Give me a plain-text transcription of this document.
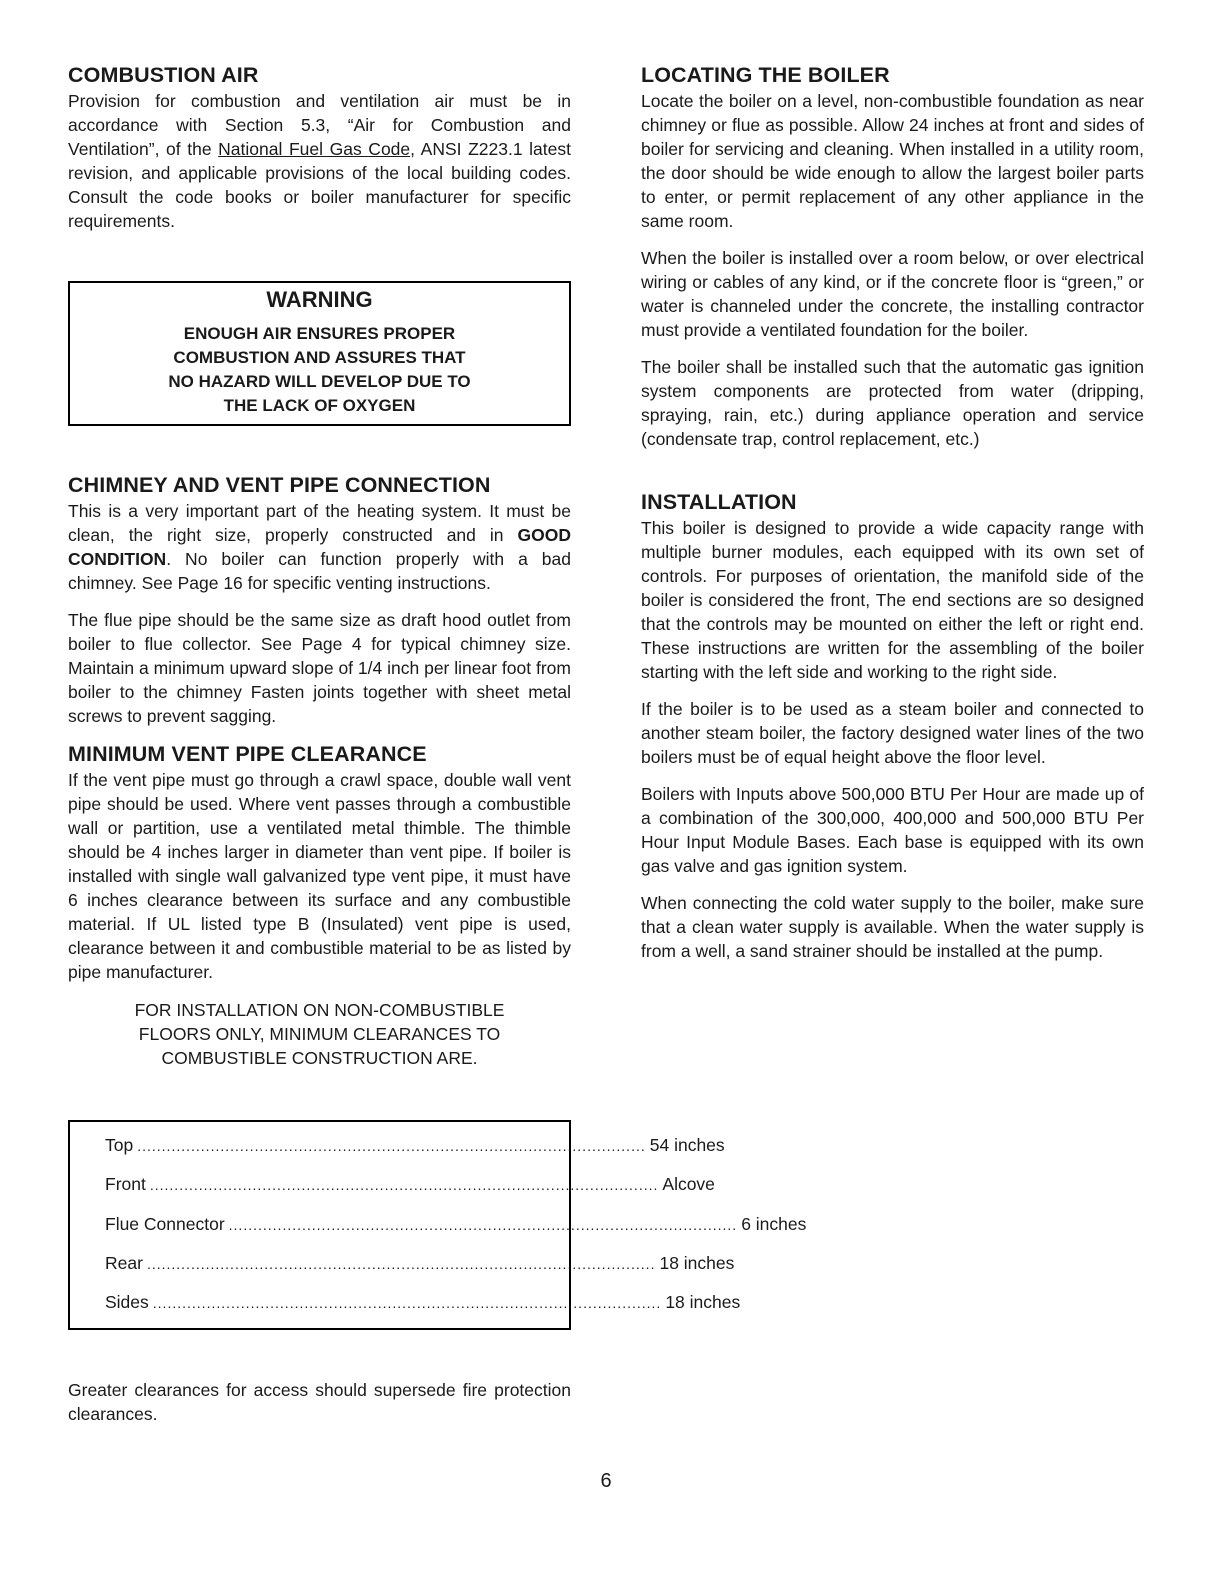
COMBUSTION AIR

Provision for combustion and ventilation air must be in accordance with Section 5.3, “Air for Combustion and Ventilation”, of the National Fuel Gas Code, ANSI Z223.1 latest revision, and applicable provisions of the local building codes. Consult the code books or boiler manufacturer for specific requirements.

WARNING
ENOUGH AIR ENSURES PROPER
COMBUSTION AND ASSURES THAT
NO HAZARD WILL DEVELOP DUE TO
THE LACK OF OXYGEN
CHIMNEY AND VENT PIPE CONNECTION

This is a very important part of the heating system. It must be clean, the right size, properly constructed and in GOOD CONDITION. No boiler can function properly with a bad chimney. See Page 16 for specific venting instructions.

The flue pipe should be the same size as draft hood outlet from boiler to flue collector. See Page 4 for typical chimney size. Maintain a minimum upward slope of 1/4 inch per linear foot from boiler to the chimney Fasten joints together with sheet metal screws to prevent sagging.

MINIMUM VENT PIPE CLEARANCE

If the vent pipe must go through a crawl space, double wall vent pipe should be used. Where vent passes through a combustible wall or partition, use a ventilated metal thimble. The thimble should be 4 inches larger in diameter than vent pipe. If boiler is installed with single wall galvanized type vent pipe, it must have 6 inches clearance between its surface and any combustible material. If UL listed type B (Insulated) vent pipe is used, clearance between it and combustible material to be as listed by pipe manufacturer.

FOR INSTALLATION ON NON-COMBUSTIBLE
FLOORS ONLY, MINIMUM CLEARANCES TO
COMBUSTIBLE CONSTRUCTION ARE.
Top ........................................................................................................ 54 inches
Front ........................................................................................................ Alcove
Flue Connector ........................................................................................................ 6 inches
Rear ........................................................................................................ 18 inches
Sides ........................................................................................................ 18 inches

Greater clearances for access should supersede fire protection clearances.

LOCATING THE BOILER

Locate the boiler on a level, non-combustible foundation as near chimney or flue as possible. Allow 24 inches at front and sides of boiler for servicing and cleaning. When installed in a utility room, the door should be wide enough to allow the largest boiler parts to enter, or permit replacement of any other appliance in the same room.

When the boiler is installed over a room below, or over electrical wiring or cables of any kind, or if the concrete floor is “green,” or water is channeled under the concrete, the installing contractor must provide a ventilated foundation for the boiler.

The boiler shall be installed such that the automatic gas ignition system components are protected from water (dripping, spraying, rain, etc.) during appliance operation and service (condensate trap, control replacement, etc.)

INSTALLATION

This boiler is designed to provide a wide capacity range with multiple burner modules, each equipped with its own set of controls. For purposes of orientation, the manifold side of the boiler is considered the front, The end sections are so designed that the controls may be mounted on either the left or right end. These instructions are written for the assembling of the boiler starting with the left side and working to the right side.

If the boiler is to be used as a steam boiler and connected to another steam boiler, the factory designed water lines of the two boilers must be of equal height above the floor level.

Boilers with Inputs above 500,000 BTU Per Hour are made up of a combination of the 300,000, 400,000 and 500,000 BTU Per Hour Input Module Bases. Each base is equipped with its own gas valve and gas ignition system.

When connecting the cold water supply to the boiler, make sure that a clean water supply is available. When the water supply is from a well, a sand strainer should be installed at the pump.

6
